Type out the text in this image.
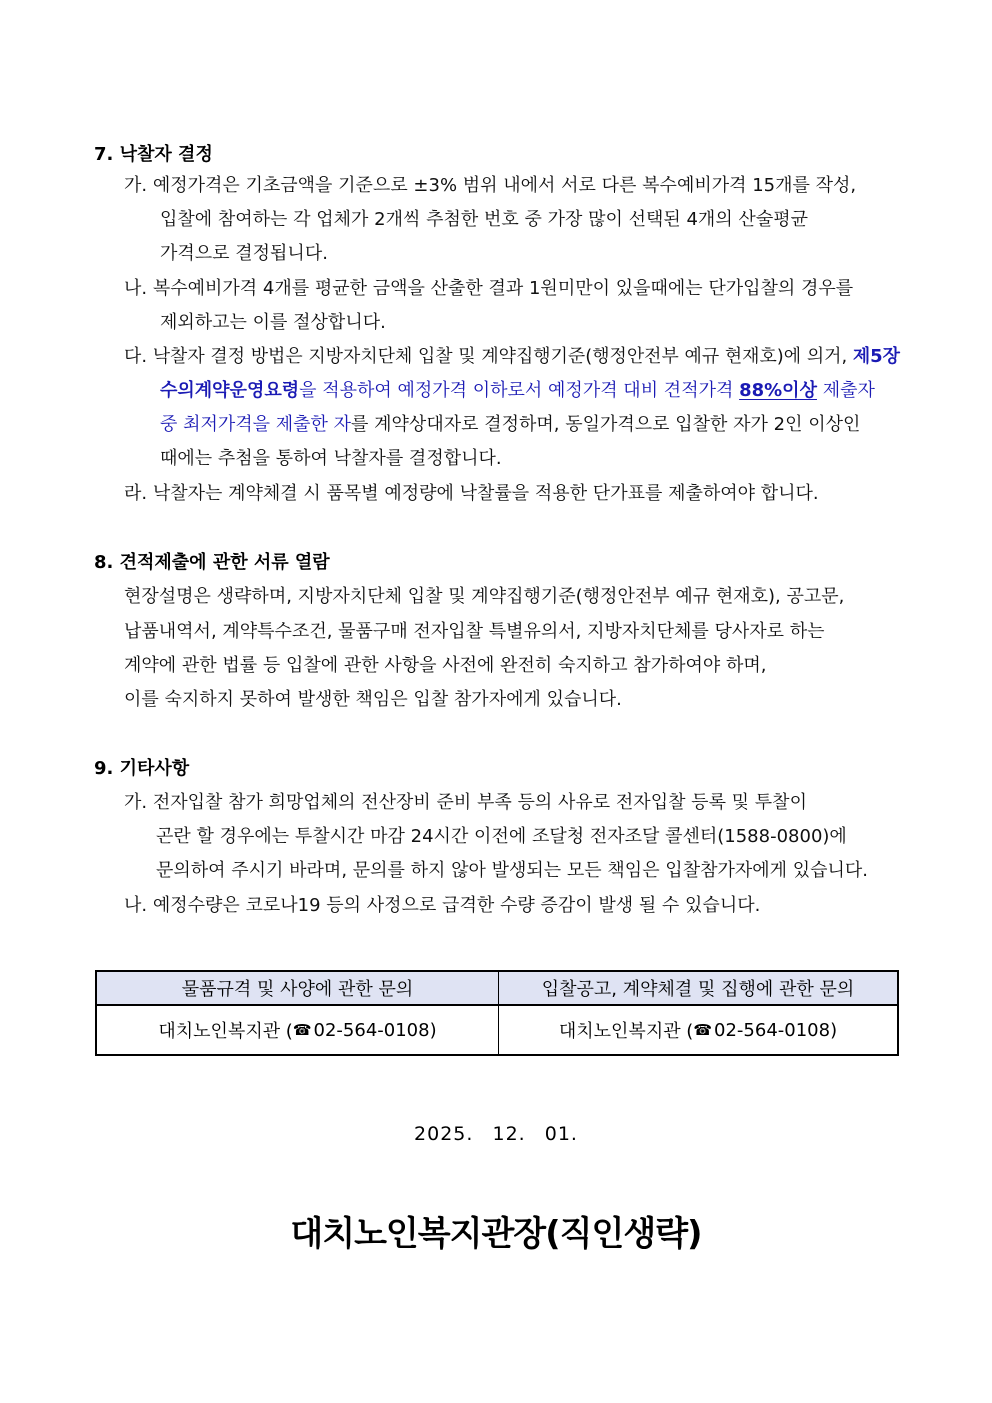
7. 낙찰자 결정
가. 예정가격은 기초금액을 기준으로 ±3% 범위 내에서 서로 다른 복수예비가격 15개를 작성,
입찰에 참여하는 각 업체가 2개씩 추첨한 번호 중 가장 많이 선택된 4개의 산술평균
가격으로 결정됩니다.
나. 복수예비가격 4개를 평균한 금액을 산출한 결과 1원미만이 있을때에는 단가입찰의 경우를
제외하고는 이를 절상합니다.
다. 낙찰자 결정 방법은 지방자치단체 입찰 및 계약집행기준(행정안전부 예규 현재호)에 의거, 제5장
수의계약운영요령을 적용하여 예정가격 이하로서 예정가격 대비 견적가격 88%이상 제출자
중 최저가격을 제출한 자를 계약상대자로 결정하며, 동일가격으로 입찰한 자가 2인 이상인
때에는 추첨을 통하여 낙찰자를 결정합니다.
라. 낙찰자는 계약체결 시 품목별 예정량에 낙찰률을 적용한 단가표를 제출하여야 합니다.
8. 견적제출에 관한 서류 열람
현장설명은 생략하며, 지방자치단체 입찰 및 계약집행기준(행정안전부 예규 현재호), 공고문,
납품내역서, 계약특수조건, 물품구매 전자입찰 특별유의서, 지방자치단체를 당사자로 하는
계약에 관한 법률 등 입찰에 관한 사항을 사전에 완전히 숙지하고 참가하여야 하며,
이를 숙지하지 못하여 발생한 책임은 입찰 참가자에게 있습니다.
9. 기타사항
가. 전자입찰 참가 희망업체의 전산장비 준비 부족 등의 사유로 전자입찰 등록 및 투찰이
곤란 할 경우에는 투찰시간 마감 24시간 이전에 조달청 전자조달 콜센터(1588-0800)에
문의하여 주시기 바라며, 문의를 하지 않아 발생되는 모든 책임은 입찰참가자에게 있습니다.
나. 예정수량은 코로나19 등의 사정으로 급격한 수량 증감이 발생 될 수 있습니다.
물품규격 및 사양에 관한 문의	입찰공고, 계약체결 및 집행에 관한 문의
대치노인복지관 ( ☎ 02-564-0108)	대치노인복지관 ( ☎ 02-564-0108)
2025. 12. 01.
대치노인복지관장(직인생략)
